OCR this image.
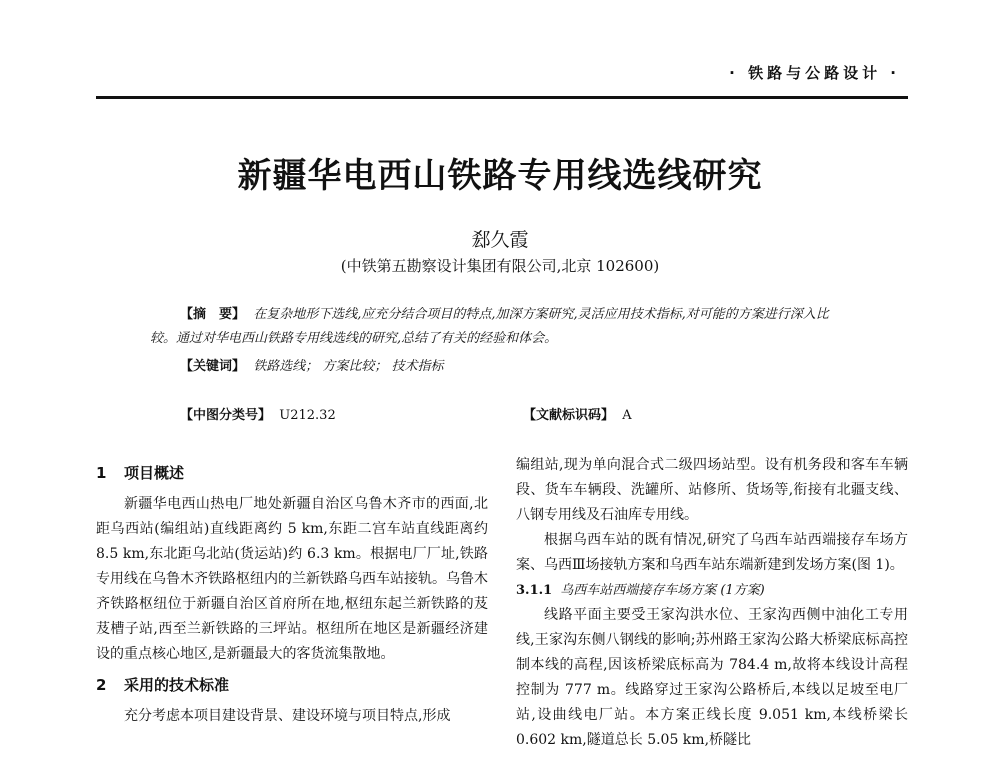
· 铁路与公路设计 ·
新疆华电西山铁路专用线选线研究
郄久霞
(中铁第五勘察设计集团有限公司,北京 102600)

【摘　要】 在复杂地形下选线,应充分结合项目的特点,加深方案研究,灵活应用技术指标,对可能的方案进行深入比较。通过对华电西山铁路专用线选线的研究,总结了有关的经验和体会。

【关键词】 铁路选线； 方案比较； 技术指标
【中图分类号】 U212.32	【文献标识码】 A
1 项目概述

新疆华电西山热电厂地处新疆自治区乌鲁木齐市的西面,北距乌西站(编组站)直线距离约 5 km,东距二宫车站直线距离约 8.5 km,东北距乌北站(货运站)约 6.3 km。根据电厂厂址,铁路专用线在乌鲁木齐铁路枢纽内的兰新铁路乌西车站接轨。乌鲁木齐铁路枢纽位于新疆自治区首府所在地,枢纽东起兰新铁路的芨芨槽子站,西至兰新铁路的三坪站。枢纽所在地区是新疆经济建设的重点核心地区,是新疆最大的客货流集散地。

2 采用的技术标准

充分考虑本项目建设背景、建设环境与项目特点,形成

编组站,现为单向混合式二级四场站型。设有机务段和客车车辆段、货车车辆段、洗罐所、站修所、货场等,衔接有北疆支线、八钢专用线及石油库专用线。

根据乌西车站的既有情况,研究了乌西车站西端接存车场方案、乌西Ⅲ场接轨方案和乌西车站东端新建到发场方案(图 1)。

3.1.1 乌西车站西端接存车场方案 (1方案)

线路平面主要受王家沟洪水位、王家沟西侧中油化工专用线,王家沟东侧八钢线的影响;苏州路王家沟公路大桥梁底标高控制本线的高程,因该桥梁底标高为 784.4 m,故将本线设计高程控制为 777 m。线路穿过王家沟公路桥后,本线以足坡至电厂站,设曲线电厂站。本方案正线长度 9.051 km,本线桥梁长 0.602 km,隧道总长 5.05 km,桥隧比
